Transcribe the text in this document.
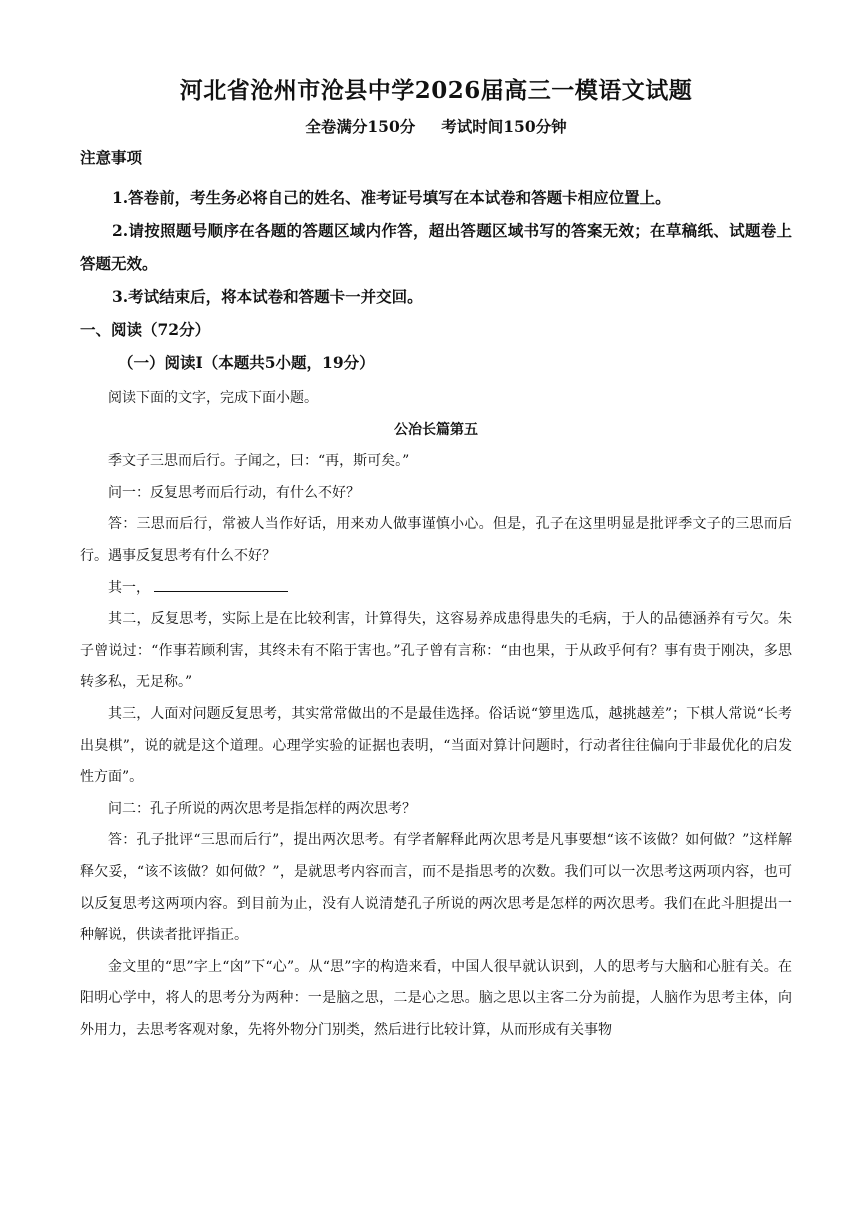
河北省沧州市沧县中学2026届高三一模语文试题
全卷满分150分 考试时间150分钟
注意事项

1.答卷前，考生务必将自己的姓名、准考证号填写在本试卷和答题卡相应位置上。

2.请按照题号顺序在各题的答题区域内作答，超出答题区域书写的答案无效；在草稿纸、试题卷上答题无效。

3.考试结束后，将本试卷和答题卡一并交回。

一、阅读（72分）
（一）阅读Ⅰ（本题共5小题，19分）

阅读下面的文字，完成下面小题。

公冶长篇第五

季文子三思而后行。子闻之，曰：“再，斯可矣。”

问一：反复思考而后行动，有什么不好？

答：三思而后行，常被人当作好话，用来劝人做事谨慎小心。但是，孔子在这里明显是批评季文子的三思而后行。遇事反复思考有什么不好？

其一，

其二，反复思考，实际上是在比较利害，计算得失，这容易养成患得患失的毛病，于人的品德涵养有亏欠。朱子曾说过：“作事若顾利害，其终未有不陷于害也。”孔子曾有言称：“由也果，于从政乎何有？事有贵于刚决，多思转多私，无足称。”

其三，人面对问题反复思考，其实常常做出的不是最佳选择。俗话说“箩里选瓜，越挑越差”；下棋人常说“长考出臭棋”，说的就是这个道理。心理学实验的证据也表明，“当面对算计问题时，行动者往往偏向于非最优化的启发性方面”。

问二：孔子所说的两次思考是指怎样的两次思考？

答：孔子批评“三思而后行”，提出两次思考。有学者解释此两次思考是凡事要想“该不该做？如何做？”这样解释欠妥，“该不该做？如何做？”，是就思考内容而言，而不是指思考的次数。我们可以一次思考这两项内容，也可以反复思考这两项内容。到目前为止，没有人说清楚孔子所说的两次思考是怎样的两次思考。我们在此斗胆提出一种解说，供读者批评指正。

金文里的“思”字上“囟”下“心”。从“思”字的构造来看，中国人很早就认识到，人的思考与大脑和心脏有关。在阳明心学中，将人的思考分为两种：一是脑之思，二是心之思。脑之思以主客二分为前提，人脑作为思考主体，向外用力，去思考客观对象，先将外物分门别类，然后进行比较计算，从而形成有关事物
